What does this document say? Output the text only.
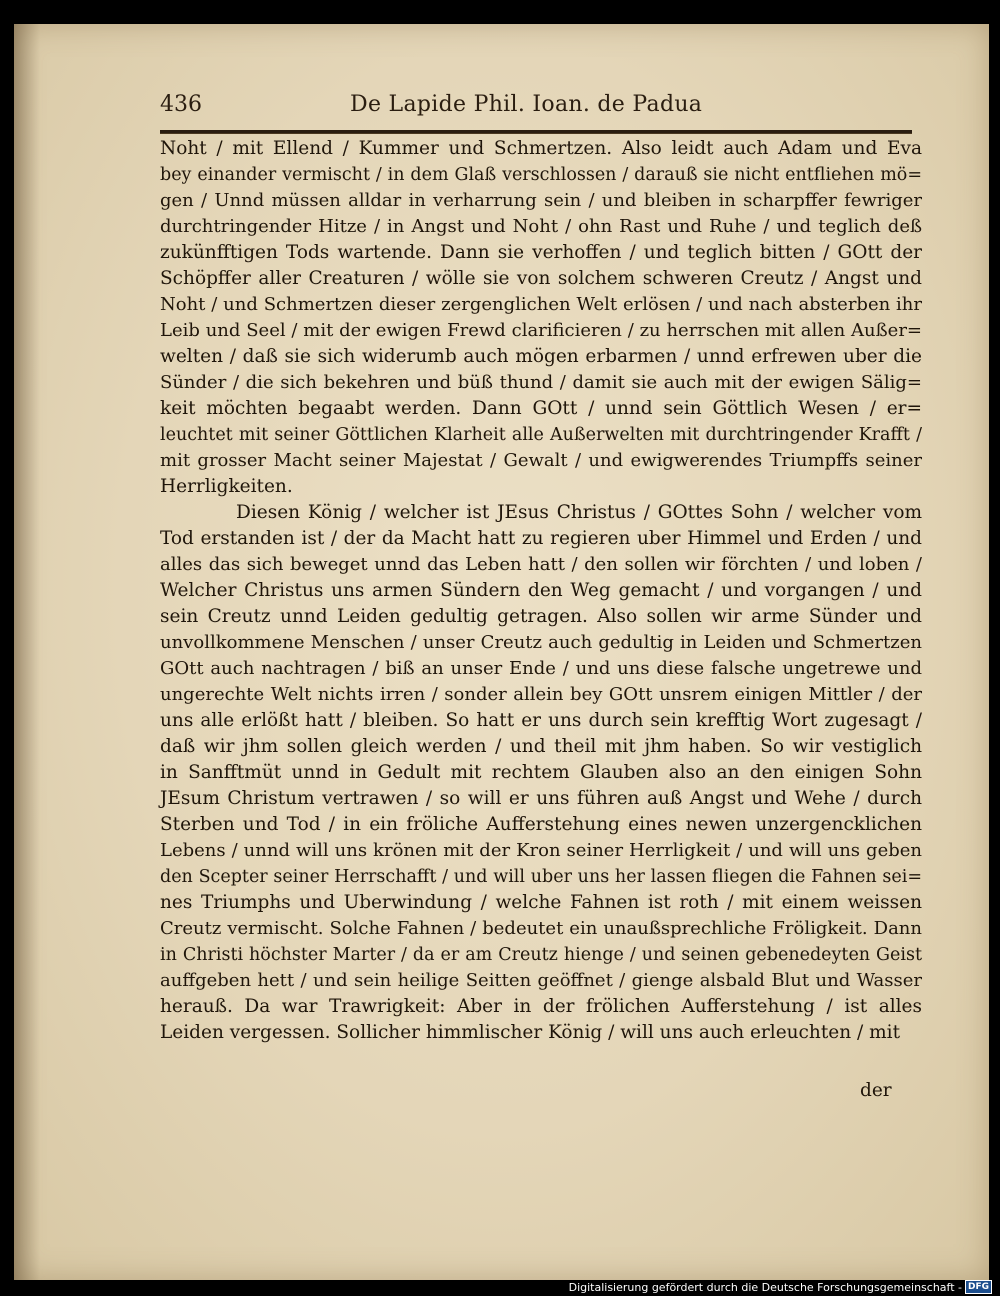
436	De Lapide Phil. Ioan. de Padua
Noht / mit Ellend / Kummer und Schmertzen. Also leidt auch Adam und Eva
bey einander vermischt / in dem Glaß verschlossen / darauß sie nicht entfliehen mö=
gen / Unnd müssen alldar in verharrung sein / und bleiben in scharpffer fewriger
durchtringender Hitze / in Angst und Noht / ohn Rast und Ruhe / und teglich deß
zukünfftigen Tods wartende. Dann sie verhoffen / und teglich bitten / GOtt der
Schöpffer aller Creaturen / wölle sie von solchem schweren Creutz / Angst und
Noht / und Schmertzen dieser zergenglichen Welt erlösen / und nach absterben ihr
Leib und Seel / mit der ewigen Frewd clarificieren / zu herrschen mit allen Außer=
welten / daß sie sich widerumb auch mögen erbarmen / unnd erfrewen uber die
Sünder / die sich bekehren und büß thund / damit sie auch mit der ewigen Sälig=
keit möchten begaabt werden. Dann GOtt / unnd sein Göttlich Wesen / er=
leuchtet mit seiner Göttlichen Klarheit alle Außerwelten mit durchtringender Krafft /
mit grosser Macht seiner Majestat / Gewalt / und ewigwerendes Triumpffs seiner
Herrligkeiten.
Diesen König / welcher ist JEsus Christus / GOttes Sohn / welcher vom
Tod erstanden ist / der da Macht hatt zu regieren uber Himmel und Erden / und
alles das sich beweget unnd das Leben hatt / den sollen wir förchten / und loben /
Welcher Christus uns armen Sündern den Weg gemacht / und vorgangen / und
sein Creutz unnd Leiden gedultig getragen. Also sollen wir arme Sünder und
unvollkommene Menschen / unser Creutz auch gedultig in Leiden und Schmertzen
GOtt auch nachtragen / biß an unser Ende / und uns diese falsche ungetrewe und
ungerechte Welt nichts irren / sonder allein bey GOtt unsrem einigen Mittler / der
uns alle erlößt hatt / bleiben. So hatt er uns durch sein krefftig Wort zugesagt /
daß wir jhm sollen gleich werden / und theil mit jhm haben. So wir vestiglich
in Sanfftmüt unnd in Gedult mit rechtem Glauben also an den einigen Sohn
JEsum Christum vertrawen / so will er uns führen auß Angst und Wehe / durch
Sterben und Tod / in ein fröliche Aufferstehung eines newen unzergencklichen
Lebens / unnd will uns krönen mit der Kron seiner Herrligkeit / und will uns geben
den Scepter seiner Herrschafft / und will uber uns her lassen fliegen die Fahnen sei=
nes Triumphs und Uberwindung / welche Fahnen ist roth / mit einem weissen
Creutz vermischt. Solche Fahnen / bedeutet ein unaußsprechliche Fröligkeit. Dann
in Christi höchster Marter / da er am Creutz hienge / und seinen gebenedeyten Geist
auffgeben hett / und sein heilige Seitten geöffnet / gienge alsbald Blut und Wasser
herauß. Da war Trawrigkeit: Aber in der frölichen Aufferstehung / ist alles
Leiden vergessen. Sollicher himmlischer König / will uns auch erleuchten / mit
der
Digitalisierung gefördert durch die Deutsche Forschungsgemeinschaft - DFG
